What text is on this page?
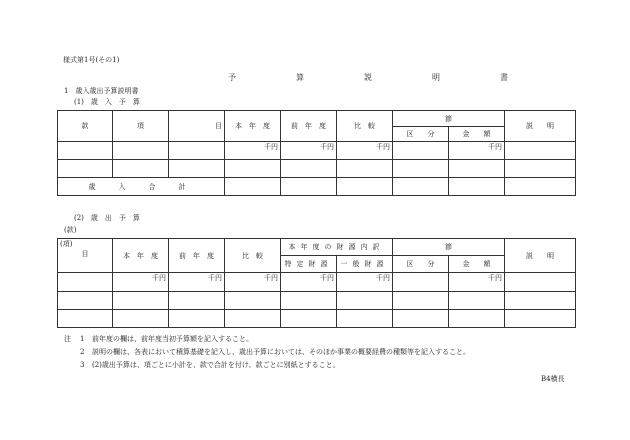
様式第1号(その1)
予　算　説　明　書
1　歳入歳出予算説明書
(1)　歳　入　予　算
款	項	目	本　年　度	前　年　度	比　較	節		説　　明
						区　　分	金　　額	
			千円	千円	千円		千円	

歳　入　合　計								
(2)　歳　出　予　算
(款)
(項)
目	本　年　度	前　年　度	比　較	本年度の財源内訳		節		説　　明
				特定財源	一般財源	区　　分	金　　額	
	千円	千円	千円	千円	千円		千円	

注 1 前年度の欄は、前年度当初予算額を記入すること。
2 説明の欄は、各表において積算基礎を記入し、歳出予算においては、そのほか事業の概要経費の種類等を記入すること。
3 (2)歳出予算は、項ごとに小計を、款で合計を付け、款ごとに別紙とすること。
B4横長
